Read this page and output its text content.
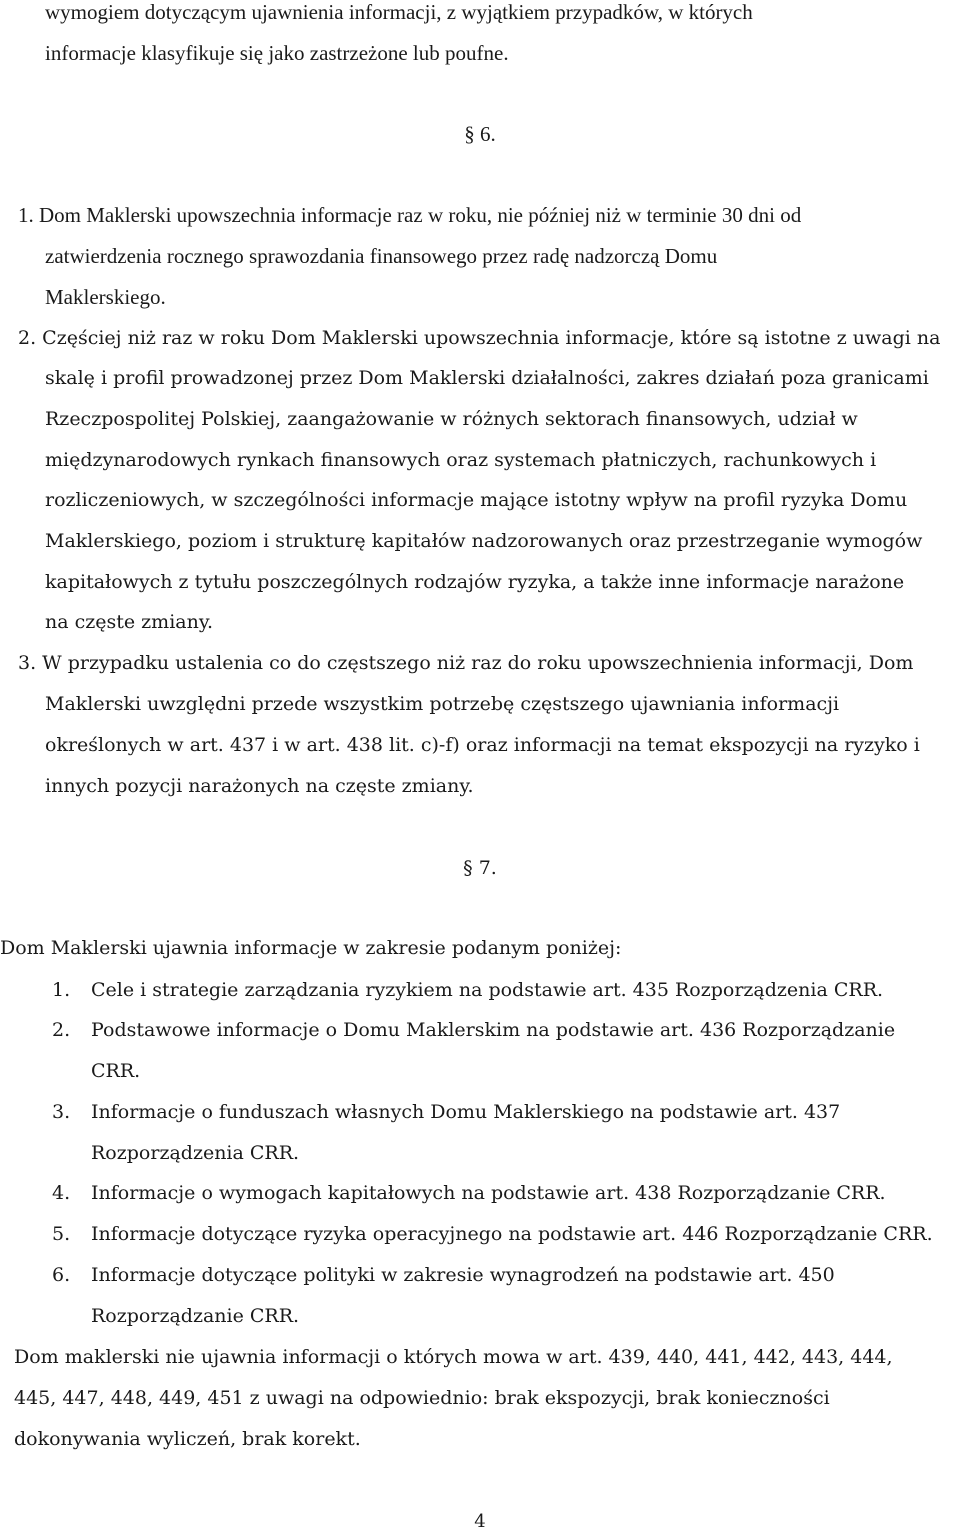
wymogiem dotyczącym ujawnienia informacji, z wyjątkiem przypadków, w których
informacje klasyfikuje się jako zastrzeżone lub poufne.
§ 6.
1. Dom Maklerski upowszechnia informacje raz w roku, nie później niż w terminie 30 dni od
zatwierdzenia rocznego sprawozdania finansowego przez radę nadzorczą Domu
Maklerskiego.
2. Częściej niż raz w roku Dom Maklerski upowszechnia informacje, które są istotne z uwagi na
skalę i profil prowadzonej przez Dom Maklerski działalności, zakres działań poza granicami
Rzeczpospolitej Polskiej, zaangażowanie w różnych sektorach finansowych, udział w
międzynarodowych rynkach finansowych oraz systemach płatniczych, rachunkowych i
rozliczeniowych, w szczególności informacje mające istotny wpływ na profil ryzyka Domu
Maklerskiego, poziom i strukturę kapitałów nadzorowanych oraz przestrzeganie wymogów
kapitałowych z tytułu poszczególnych rodzajów ryzyka, a także inne informacje narażone
na częste zmiany.
3. W przypadku ustalenia co do częstszego niż raz do roku upowszechnienia informacji, Dom
Maklerski uwzględni przede wszystkim potrzebę częstszego ujawniania informacji
określonych w art. 437 i w art. 438 lit. c)-f) oraz informacji na temat ekspozycji na ryzyko i
innych pozycji narażonych na częste zmiany.
§ 7.
Dom Maklerski ujawnia informacje w zakresie podanym poniżej:
1. Cele i strategie zarządzania ryzykiem na podstawie art. 435 Rozporządzenia CRR.
2. Podstawowe informacje o Domu Maklerskim na podstawie art. 436 Rozporządzanie
CRR.
3. Informacje o funduszach własnych Domu Maklerskiego na podstawie art. 437
Rozporządzenia CRR.
4. Informacje o wymogach kapitałowych na podstawie art. 438 Rozporządzanie CRR.
5. Informacje dotyczące ryzyka operacyjnego na podstawie art. 446 Rozporządzanie CRR.
6. Informacje dotyczące polityki w zakresie wynagrodzeń na podstawie art. 450
Rozporządzanie CRR.
Dom maklerski nie ujawnia informacji o których mowa w art. 439, 440, 441, 442, 443, 444,
445, 447, 448, 449, 451 z uwagi na odpowiednio: brak ekspozycji, brak konieczności
dokonywania wyliczeń, brak korekt.
4
